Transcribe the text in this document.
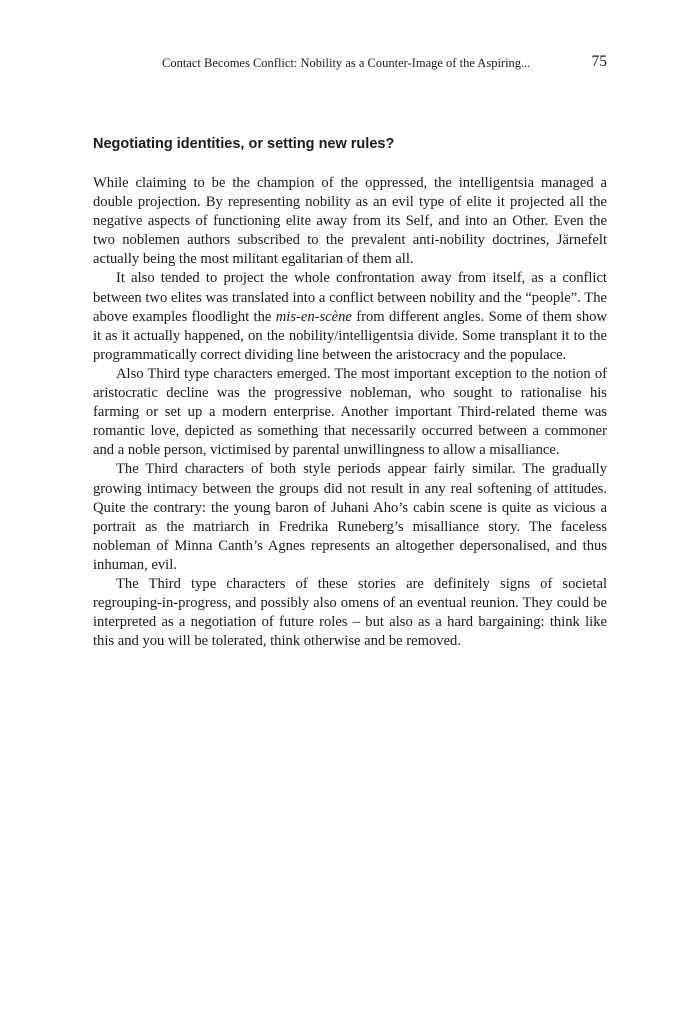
Contact Becomes Conflict: Nobility as a Counter-Image of the Aspiring...	75
Negotiating identities, or setting new rules?

While claiming to be the champion of the oppressed, the intelligentsia managed a double projection. By representing nobility as an evil type of elite it projected all the negative aspects of functioning elite away from its Self, and into an Other. Even the two noblemen authors subscribed to the prevalent anti-nobility doctrines, Järnefelt actually being the most militant egalitarian of them all.

It also tended to project the whole confrontation away from itself, as a conflict between two elites was translated into a conflict between nobility and the “people”. The above examples floodlight the mis-en-scène from different angles. Some of them show it as it actually happened, on the nobility/intelligentsia divide. Some transplant it to the programmatically correct dividing line between the aristocracy and the populace.

Also Third type characters emerged. The most important exception to the notion of aristocratic decline was the progressive nobleman, who sought to rationalise his farming or set up a modern enterprise. Another important Third-related theme was romantic love, depicted as something that necessarily occurred between a commoner and a noble person, victimised by parental unwillingness to allow a misalliance.

The Third characters of both style periods appear fairly similar. The gradually growing intimacy between the groups did not result in any real softening of attitudes. Quite the contrary: the young baron of Juhani Aho’s cabin scene is quite as vicious a portrait as the matriarch in Fredrika Runeberg’s misalliance story. The faceless nobleman of Minna Canth’s Agnes represents an altogether depersonalised, and thus inhuman, evil.

The Third type characters of these stories are definitely signs of societal regrouping-in-progress, and possibly also omens of an eventual reunion. They could be interpreted as a negotiation of future roles – but also as a hard bargaining: think like this and you will be tolerated, think otherwise and be removed.
